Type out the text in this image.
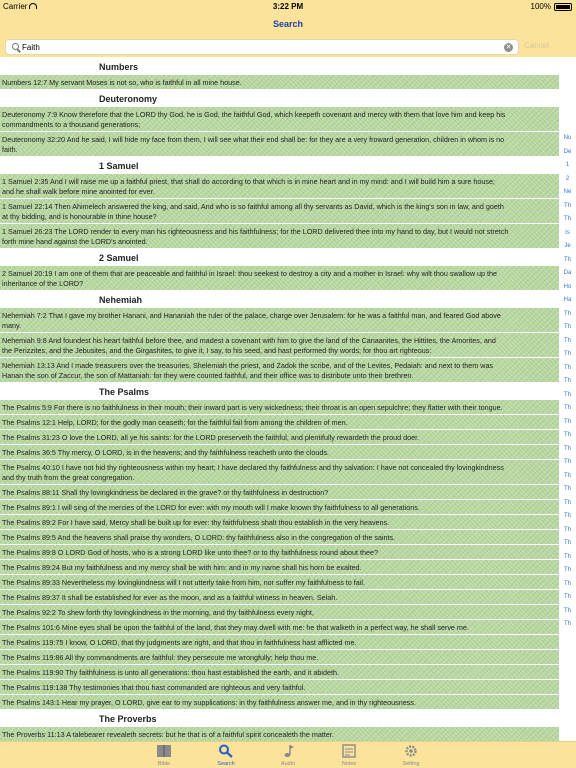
Carrier	3:22 PM	100%
Search
Faith	✕ Cancel
Numbers
Numbers 12:7 My servant Moses is not so, who is faithful in all mine house.
Deuteronomy
Deuteronomy 7:9 Know therefore that the LORD thy God, he is God, the faithful God, which keepeth covenant and mercy with them that love him and keep his
commandments to a thousand generations;
Deuteronomy 32:20 And he said, I will hide my face from them, I will see what their end shall be: for they are a very froward generation, children in whom is no
faith.
1 Samuel
1 Samuel 2:35 And I will raise me up a faithful priest, that shall do according to that which is in mine heart and in my mind: and I will build him a sure house;
and he shall walk before mine anointed for ever.
1 Samuel 22:14 Then Ahimelech answered the king, and said, And who is so faithful among all thy servants as David, which is the king's son in law, and goeth
at thy bidding, and is honourable in thine house?
1 Samuel 26:23 The LORD render to every man his righteousness and his faithfulness; for the LORD delivered thee into my hand to day, but I would not stretch
forth mine hand against the LORD's anointed.
2 Samuel
2 Samuel 20:19 I am one of them that are peaceable and faithful in Israel: thou seekest to destroy a city and a mother in Israel: why wilt thou swallow up the
inheritance of the LORD?
Nehemiah
Nehemiah 7:2 That I gave my brother Hanani, and Hananiah the ruler of the palace, charge over Jerusalem: for he was a faithful man, and feared God above
many.
Nehemiah 9:8 And foundest his heart faithful before thee, and madest a covenant with him to give the land of the Canaanites, the Hittites, the Amorites, and
the Perizzites, and the Jebusites, and the Girgashites, to give it, I say, to his seed, and hast performed thy words; for thou art righteous:
Nehemiah 13:13 And I made treasurers over the treasuries, Shelemiah the priest, and Zadok the scribe, and of the Levites, Pedaiah: and next to them was
Hanan the son of Zaccur, the son of Mattaniah: for they were counted faithful, and their office was to distribute unto their brethren.
The Psalms
The Psalms 5:9 For there is no faithfulness in their mouth; their inward part is very wickedness; their throat is an open sepulchre; they flatter with their tongue.
The Psalms 12:1 Help, LORD; for the godly man ceaseth; for the faithful fail from among the children of men.
The Psalms 31:23 O love the LORD, all ye his saints: for the LORD preserveth the faithful, and plentifully rewardeth the proud doer.
The Psalms 36:5 Thy mercy, O LORD, is in the heavens; and thy faithfulness reacheth unto the clouds.
The Psalms 40:10 I have not hid thy righteousness within my heart; I have declared thy faithfulness and thy salvation: I have not concealed thy lovingkindness
and thy truth from the great congregation.
The Psalms 88:11 Shall thy lovingkindness be declared in the grave? or thy faithfulness in destruction?
The Psalms 89:1 I will sing of the mercies of the LORD for ever: with my mouth will I make known thy faithfulness to all generations.
The Psalms 89:2 For I have said, Mercy shall be built up for ever: thy faithfulness shalt thou establish in the very heavens.
The Psalms 89:5 And the heavens shall praise thy wonders, O LORD: thy faithfulness also in the congregation of the saints.
The Psalms 89:8 O LORD God of hosts, who is a strong LORD like unto thee? or to thy faithfulness round about thee?
The Psalms 89:24 But my faithfulness and my mercy shall be with him: and in my name shall his horn be exalted.
The Psalms 89:33 Nevertheless my lovingkindness will I not utterly take from him, nor suffer my faithfulness to fail.
The Psalms 89:37 It shall be established for ever as the moon, and as a faithful witness in heaven. Selah.
The Psalms 92:2 To shew forth thy lovingkindness in the morning, and thy faithfulness every night,
The Psalms 101:6 Mine eyes shall be upon the faithful of the land, that they may dwell with me: he that walketh in a perfect way, he shall serve me.
The Psalms 119:75 I know, O LORD, that thy judgments are right, and that thou in faithfulness hast afflicted me.
The Psalms 119:86 All thy commandments are faithful: they persecute me wrongfully; help thou me.
The Psalms 119:90 Thy faithfulness is unto all generations: thou hast established the earth, and it abideth.
The Psalms 119:138 Thy testimonies that thou hast commanded are righteous and very faithful.
The Psalms 143:1 Hear my prayer, O LORD, give ear to my supplications: in thy faithfulness answer me, and in thy righteousness.
The Proverbs
The Proverbs 11:13 A talebearer revealeth secrets: but he that is of a faithful spirit concealeth the matter.
Nu
De
1
2
Ne
Th
Th
Is
Je
Th
Da
Ho
Ha
Th
Th
Th
Th
Th
Th
Th
Th
Th
Th
Th
Th
Th
Th
Th
Th
Th
Th
Th
Th
Th
Th
Th
Th
Bible	Search	Audio	Notes	Setting
